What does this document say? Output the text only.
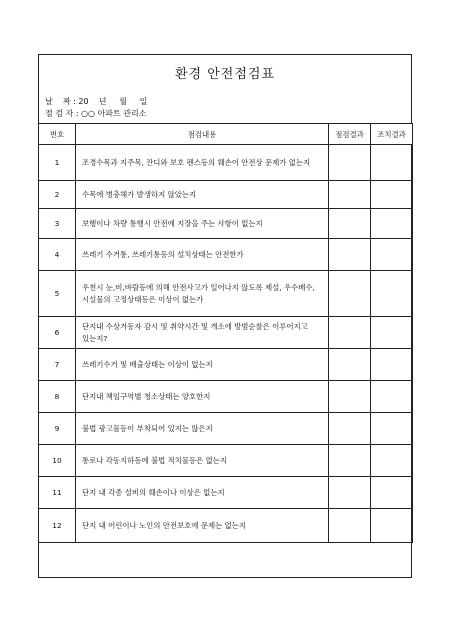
환경 안전점검표
날    짜 : 20    년     월     일
점 검 자 : ○○ 아파트 관리소
번호	점검내용	점검결과	조치결과
1	조경수목과 지주목, 잔디와 보호 펜스등의 훼손이 안전상 문제가 없는지		
2	수목에 병충해가 발생하지 않았는지		
3	보행이나 차량 통행시 안전에 지장을 주는 사항이 없는지		
4	쓰레기 수거통, 쓰레기통등의 설치상태는 안전한가		
5	우천시 눈,비,바람등에 의해 안전사고가 일어나지 않도록 제설, 우수배수, 시설물의 고정상태등은 이상이 없는가		
6	단지내 수상거동자 감시 및 취약시간 및 개소에 방범순찰은 이루어지고 있는지?		
7	쓰레기수거 및 배출상태는 이상이 없는지		
8	단지내 책임구역별 청소상태는 양호한지		
9	불법 광고물등이 부착되어 있지는 않은지		
10	통로나 각동지하등에 불법 적치물등은 없는지		
11	단지 내 각종 설비의 훼손이나 이상은 없는지		
12	단지 내 어린이나 노인의 안전보호에 문제는 없는지		
